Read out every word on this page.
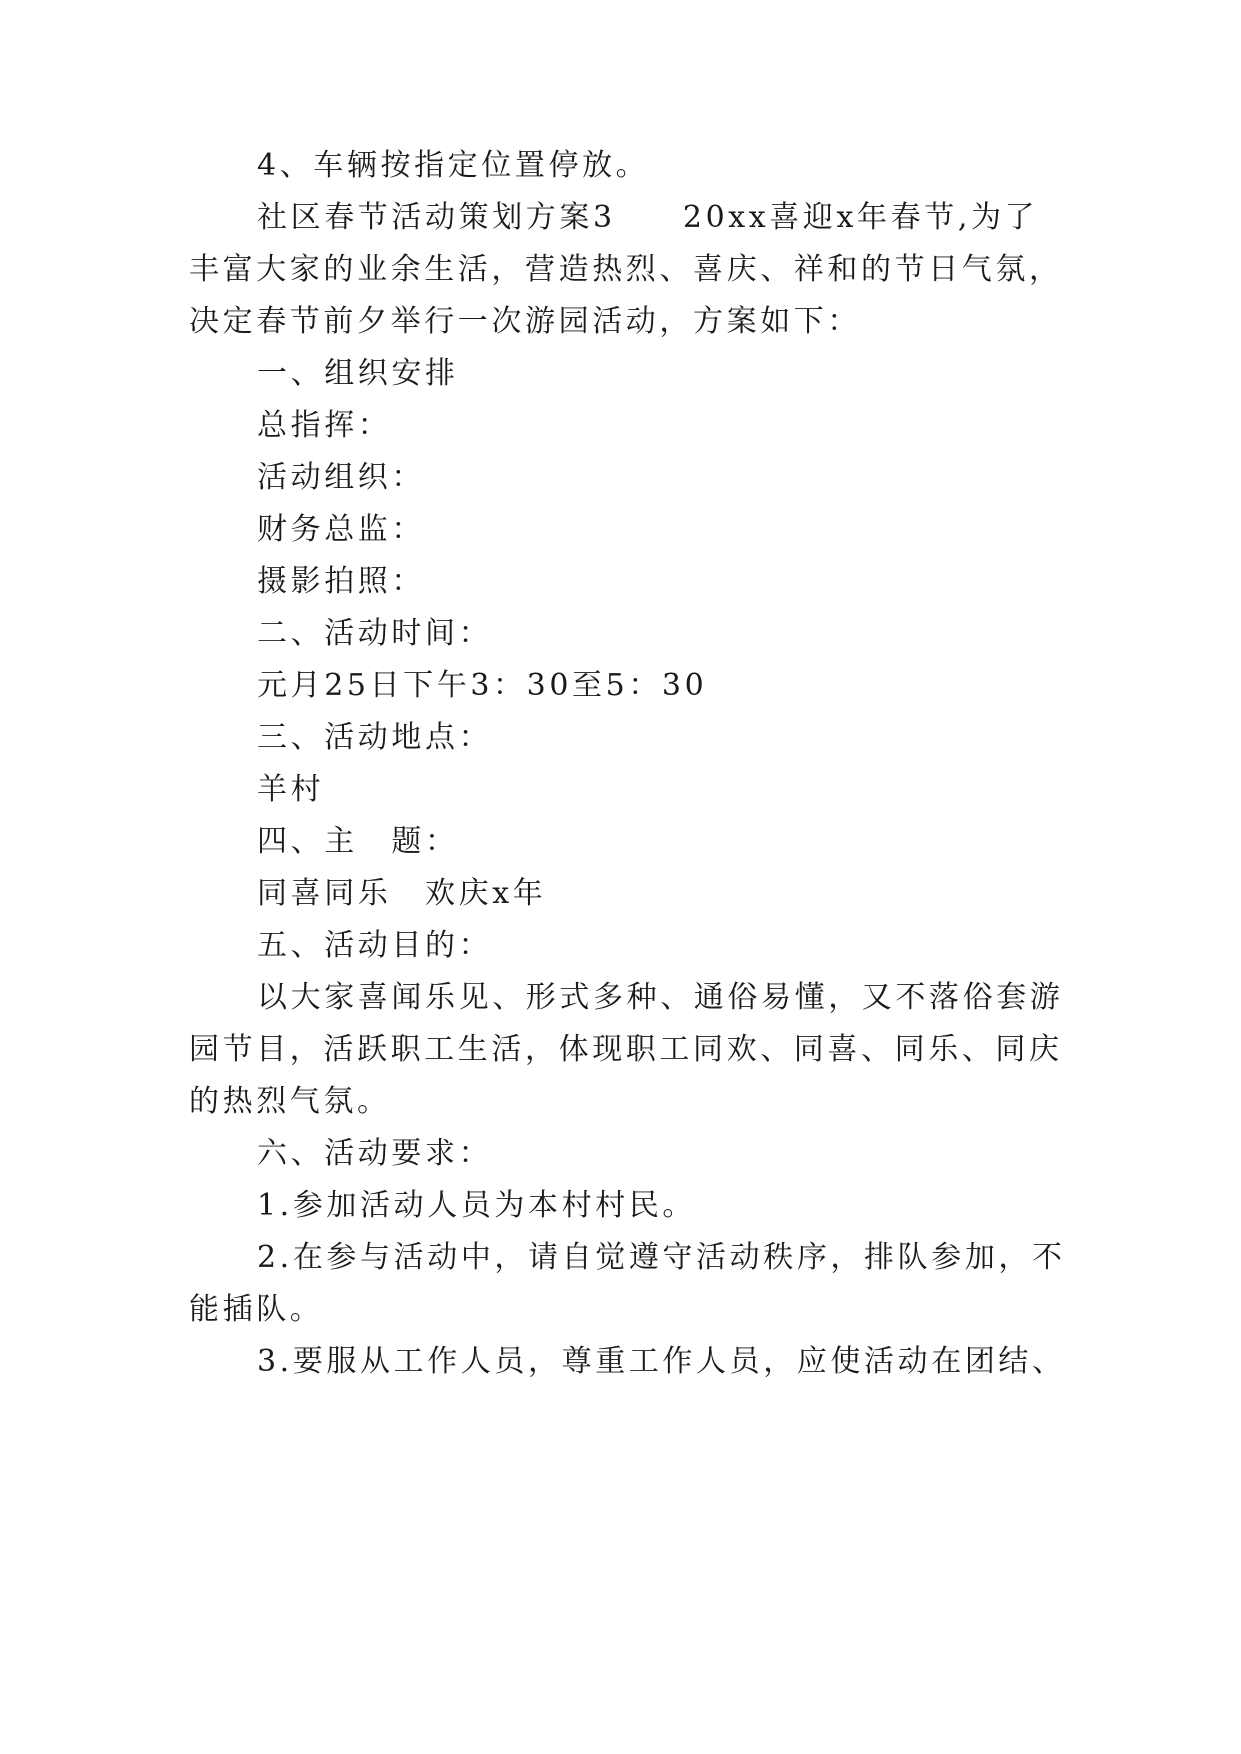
4、车辆按指定位置停放。

社区春节活动策划方案3　　20xx喜迎x年春节,为了

丰富大家的业余生活，营造热烈、喜庆、祥和的节日气氛，

决定春节前夕举行一次游园活动，方案如下：

一、组织安排

总指挥：

活动组织：

财务总监：

摄影拍照：

二、活动时间：

元月25日下午3：30至5：30

三、活动地点：

羊村

四、主　题：

同喜同乐　欢庆x年

五、活动目的：

以大家喜闻乐见、形式多种、通俗易懂，又不落俗套游

园节目，活跃职工生活，体现职工同欢、同喜、同乐、同庆

的热烈气氛。

六、活动要求：

1.参加活动人员为本村村民。

2.在参与活动中，请自觉遵守活动秩序，排队参加，不

能插队。

3.要服从工作人员，尊重工作人员，应使活动在团结、
